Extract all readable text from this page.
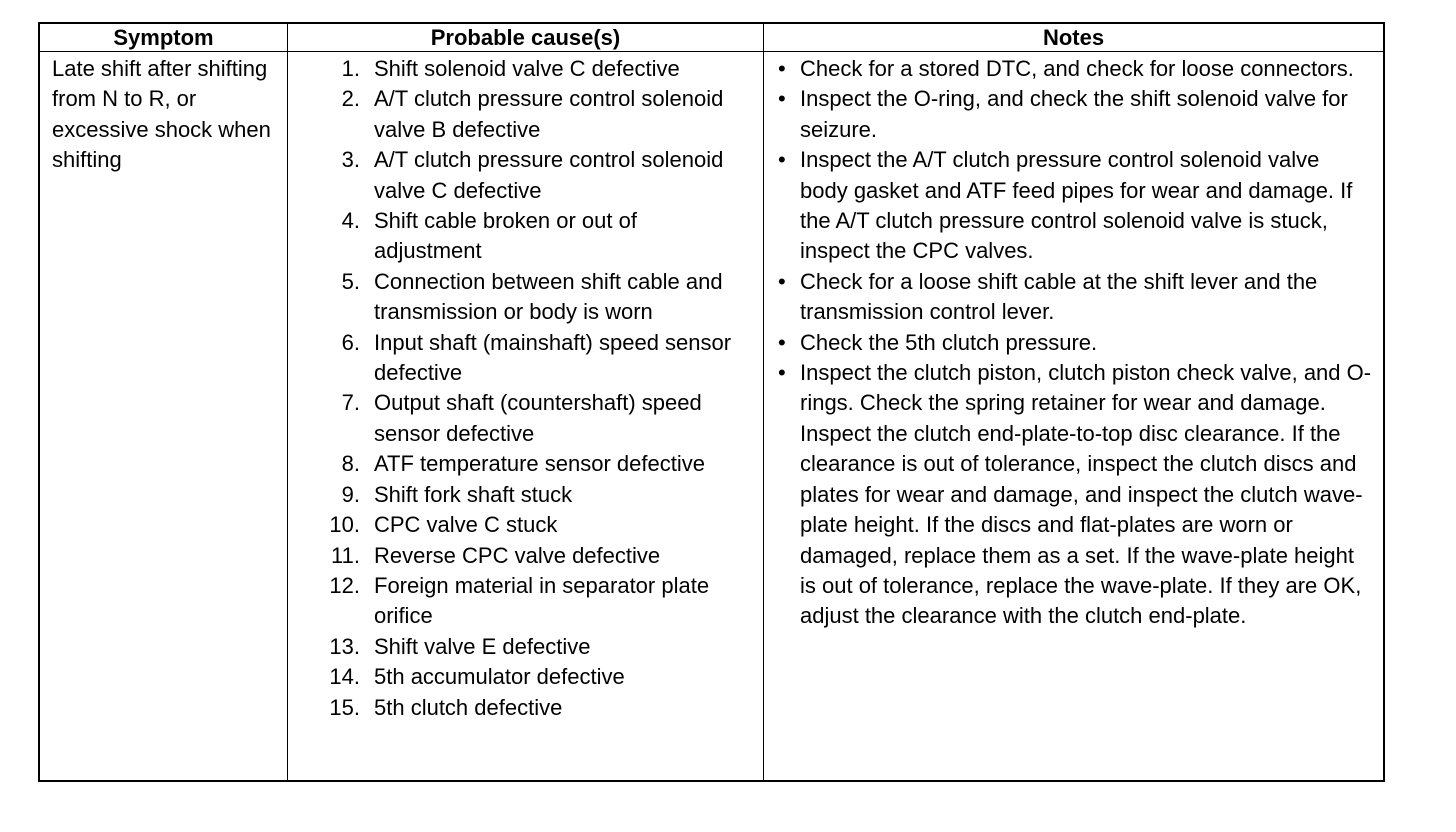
Symptom	Probable cause(s)	Notes
Late shift after shifting from N to R, or excessive shock when shifting
1. Shift solenoid valve C defective
2. A/T clutch pressure control solenoid valve B defective
3. A/T clutch pressure control solenoid valve C defective
4. Shift cable broken or out of adjustment
5. Connection between shift cable and transmission or body is worn
6. Input shaft (mainshaft) speed sensor defective
7. Output shaft (countershaft) speed sensor defective
8. ATF temperature sensor defective
9. Shift fork shaft stuck
10. CPC valve C stuck
11. Reverse CPC valve defective
12. Foreign material in separator plate orifice
13. Shift valve E defective
14. 5th accumulator defective
15. 5th clutch defective
• Check for a stored DTC, and check for loose connectors.
• Inspect the O-ring, and check the shift solenoid valve for seizure.
• Inspect the A/T clutch pressure control solenoid valve body gasket and ATF feed pipes for wear and damage. If the A/T clutch pressure control solenoid valve is stuck, inspect the CPC valves.
• Check for a loose shift cable at the shift lever and the transmission control lever.
• Check the 5th clutch pressure.
• Inspect the clutch piston, clutch piston check valve, and O-rings. Check the spring retainer for wear and damage. Inspect the clutch end-plate-to-top disc clearance. If the clearance is out of tolerance, inspect the clutch discs and plates for wear and damage, and inspect the clutch wave-plate height. If the discs and flat-plates are worn or damaged, replace them as a set. If the wave-plate height is out of tolerance, replace the wave-plate. If they are OK, adjust the clearance with the clutch end-plate.
